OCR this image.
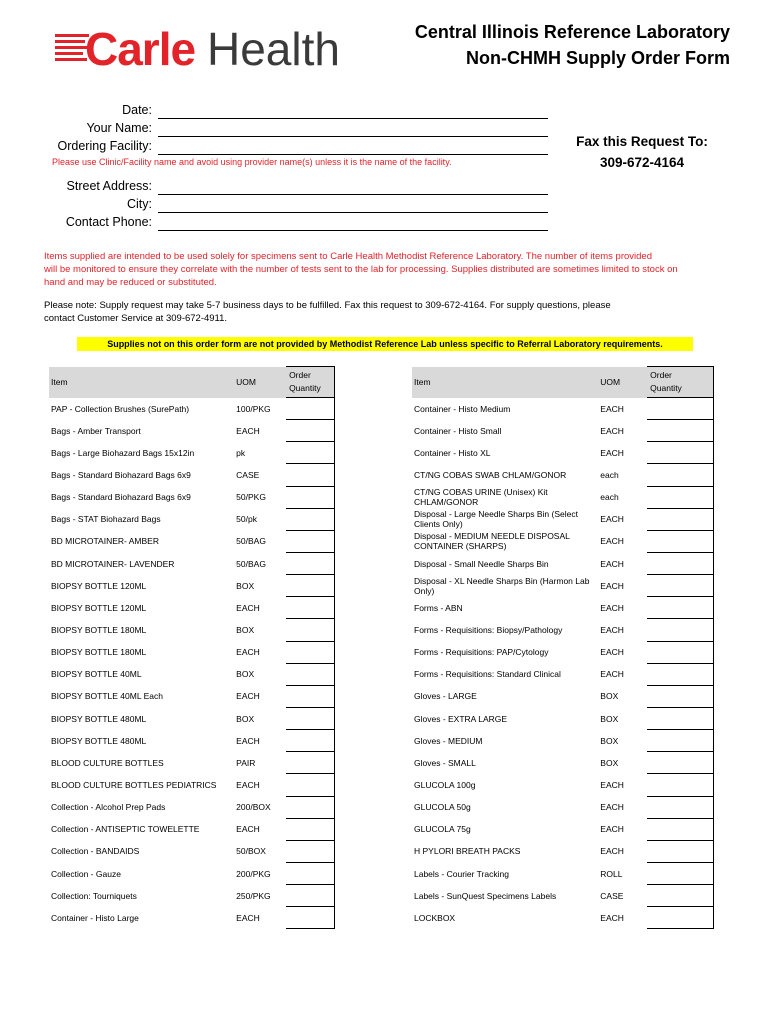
Carle Health	Central Illinois Reference Laboratory
Non-CHMH Supply Order Form
Date:
Your Name:
Ordering Facility:
Please use Clinic/Facility name and avoid using provider name(s) unless it is the name of the facility.
Street Address:
City:
Contact Phone:
Fax this Request To:
309-672-4164
Items supplied are intended to be used solely for specimens sent to Carle Health Methodist Reference Laboratory. The number of items provided
will be monitored to ensure they correlate with the number of tests sent to the lab for processing. Supplies distributed are sometimes limited to stock on
hand and may be reduced or substituted.
Please note: Supply request may take 5-7 business days to be fulfilled. Fax this request to 309-672-4164. For supply questions, please
contact Customer Service at 309-672-4911.
Supplies not on this order form are not provided by Methodist Reference Lab unless specific to Referral Laboratory requirements.
Item	UOM	Order
Quantity
PAP - Collection Brushes (SurePath)	100/PKG	
Bags - Amber Transport	EACH	
Bags - Large Biohazard Bags 15x12in	pk	
Bags - Standard Biohazard Bags 6x9	CASE	
Bags - Standard Biohazard Bags 6x9	50/PKG	
Bags - STAT Biohazard Bags	50/pk	
BD MICROTAINER- AMBER	50/BAG	
BD MICROTAINER- LAVENDER	50/BAG	
BIOPSY BOTTLE 120ML	BOX	
BIOPSY BOTTLE 120ML	EACH	
BIOPSY BOTTLE 180ML	BOX	
BIOPSY BOTTLE 180ML	EACH	
BIOPSY BOTTLE 40ML	BOX	
BIOPSY BOTTLE 40ML Each	EACH	
BIOPSY BOTTLE 480ML	BOX	
BIOPSY BOTTLE 480ML	EACH	
BLOOD CULTURE BOTTLES	PAIR	
BLOOD CULTURE BOTTLES PEDIATRICS	EACH	
Collection - Alcohol Prep Pads	200/BOX	
Collection - ANTISEPTIC TOWELETTE	EACH	
Collection - BANDAIDS	50/BOX	
Collection - Gauze	200/PKG	
Collection: Tourniquets	250/PKG	
Container - Histo Large	EACH	
Item	UOM	Order
Quantity
Container - Histo Medium	EACH	
Container - Histo Small	EACH	
Container - Histo XL	EACH	
CT/NG COBAS SWAB CHLAM/GONOR	each	
CT/NG COBAS URINE (Unisex) Kit CHLAM/GONOR	each	
Disposal - Large Needle Sharps Bin (Select Clients Only)	EACH	
Disposal - MEDIUM NEEDLE DISPOSAL CONTAINER (SHARPS)	EACH	
Disposal - Small Needle Sharps Bin	EACH	
Disposal - XL Needle Sharps Bin (Harmon Lab Only)	EACH	
Forms - ABN	EACH	
Forms - Requisitions: Biopsy/Pathology	EACH	
Forms - Requisitions: PAP/Cytology	EACH	
Forms - Requisitions: Standard Clinical	EACH	
Gloves - LARGE	BOX	
Gloves - EXTRA LARGE	BOX	
Gloves - MEDIUM	BOX	
Gloves - SMALL	BOX	
GLUCOLA 100g	EACH	
GLUCOLA 50g	EACH	
GLUCOLA 75g	EACH	
H PYLORI BREATH PACKS	EACH	
Labels - Courier Tracking	ROLL	
Labels - SunQuest Specimens Labels	CASE	
LOCKBOX	EACH	
